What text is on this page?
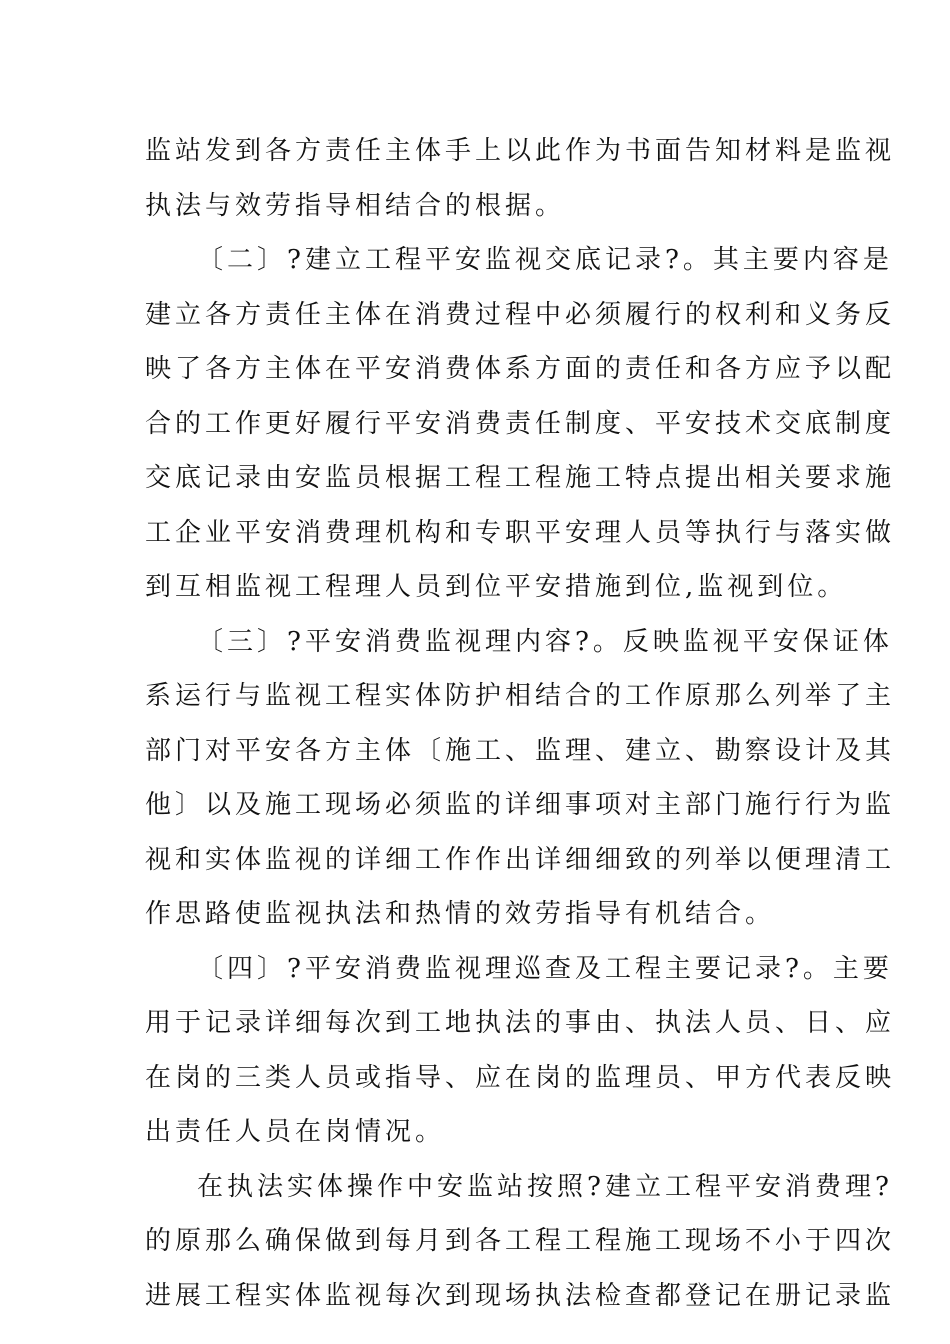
监站发到各方责任主体手上以此作为书面告知材料是监视
执法与效劳指导相结合的根据。
〔二〕?建立工程平安监视交底记录?。其主要内容是
建立各方责任主体在消费过程中必须履行的权利和义务反
映了各方主体在平安消费体系方面的责任和各方应予以配
合的工作更好履行平安消费责任制度、平安技术交底制度
交底记录由安监员根据工程工程施工特点提出相关要求施
工企业平安消费理机构和专职平安理人员等执行与落实做
到互相监视工程理人员到位平安措施到位,监视到位。
〔三〕?平安消费监视理内容?。反映监视平安保证体
系运行与监视工程实体防护相结合的工作原那么列举了主
部门对平安各方主体〔施工、监理、建立、勘察设计及其
他〕以及施工现场必须监的详细事项对主部门施行行为监
视和实体监视的详细工作作出详细细致的列举以便理清工
作思路使监视执法和热情的效劳指导有机结合。
〔四〕?平安消费监视理巡查及工程主要记录?。主要
用于记录详细每次到工地执法的事由、执法人员、日、应
在岗的三类人员或指导、应在岗的监理员、甲方代表反映
出责任人员在岗情况。
在执法实体操作中安监站按照?建立工程平安消费理?
的原那么确保做到每月到各工程工程施工现场不小于四次
进展工程实体监视每次到现场执法检查都登记在册记录监
